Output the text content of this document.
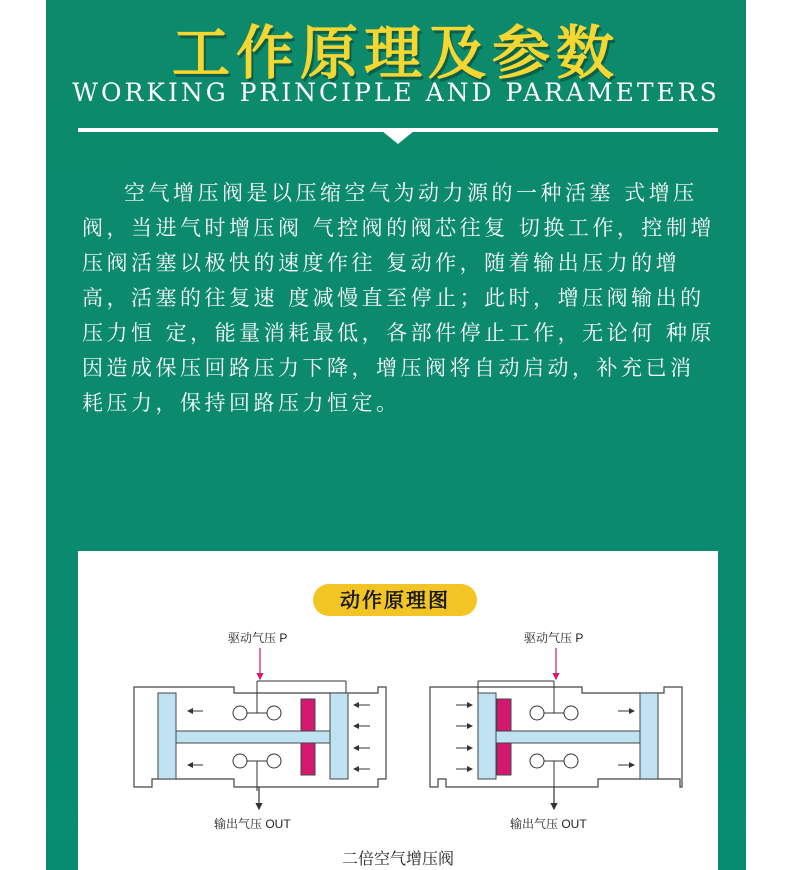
工作原理及参数
WORKING PRINCIPLE AND PARAMETERS
空气增压阀是以压缩空气为动力源的一种活塞 式增压阀，当进气时增压阀 气控阀的阀芯往复 切换工作，控制增压阀活塞以极快的速度作往 复动作，随着输出压力的增高，活塞的往复速 度减慢直至停止；此时，增压阀输出的压力恒 定，能量消耗最低，各部件停止工作，无论何 种原因造成保压回路压力下降，增压阀将自动启动，补充已消耗压力，保持回路压力恒定。
动作原理图
驱动气压 P
输出气压 OUT
驱动气压 P
输出气压 OUT
二倍空气增压阀
